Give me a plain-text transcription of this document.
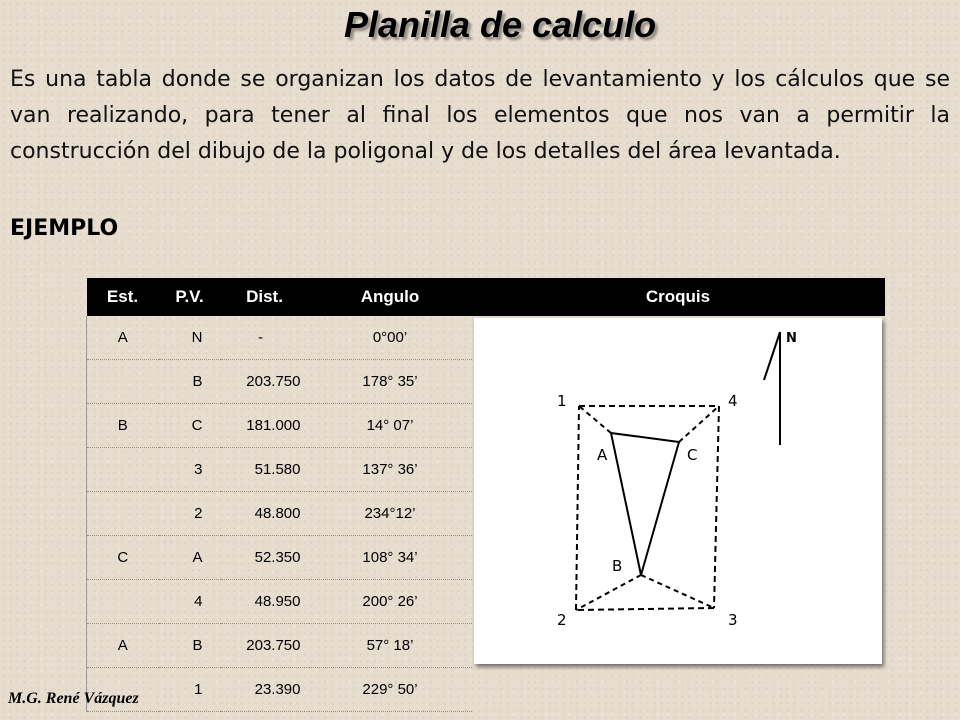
Planilla de calculo

Es una tabla donde se organizan los datos de levantamiento y los cálculos que se van realizando, para tener al final los elementos que nos van a permitir la construcción del dibujo de la poligonal y de los detalles del área levantada.

EJEMPLO
Est.	P.V.	Dist.	Angulo
A	N	-	0°00’
	B	203.750	178° 35’
B	C	181.000	14° 07’
	3	51.580	137° 36’
	2	48.800	234°12’
C	A	52.350	108° 34’
	4	48.950	200° 26’
A	B	203.750	57° 18’
	1	23.390	229° 50’
Croquis
N
1	4
2	3
A	C
B
M.G. René Vázquez
